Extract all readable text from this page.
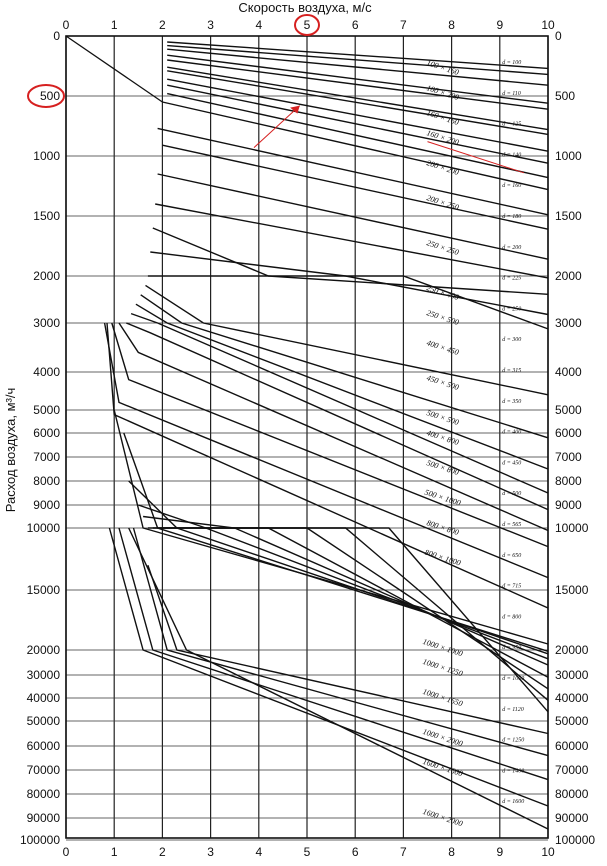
Скорость воздуха, м/с
Расход воздуха, м³/ч
100 × 160
100 × 200
160 × 160
160 × 200
200 × 200
200 × 250
250 × 250
250 × 400
250 × 500
400 × 450
450 × 500
500 × 500
400 × 800
500 × 800
500 × 1000
800 × 800
800 × 1000
1000 × 1000
1000 × 1250
1000 × 1650
1000 × 2000
1600 × 1600
1600 × 2000
d = 100
d = 110
d = 125
d = 140
d = 160
d = 180
d = 200
d = 225
d = 250
d = 300
d = 315
d = 350
d = 400
d = 450
d = 500
d = 565
d = 650
d = 715
d = 800
d = 950
d = 1000
d = 1120
d = 1250
d = 1400
d = 1600
0
0
1
1
2
2
3
3
4
4
5
5
6
6
7
7
8
8
9
9
10
10
0	0
500	500
1000	1000
1500	1500
2000	2000
3000	3000
4000	4000
5000	5000
6000	6000
7000	7000
8000	8000
9000	9000
10000	10000
15000	15000
20000	20000
30000	30000
40000	40000
50000	50000
60000	60000
70000	70000
80000	80000
90000	90000
100000	100000
